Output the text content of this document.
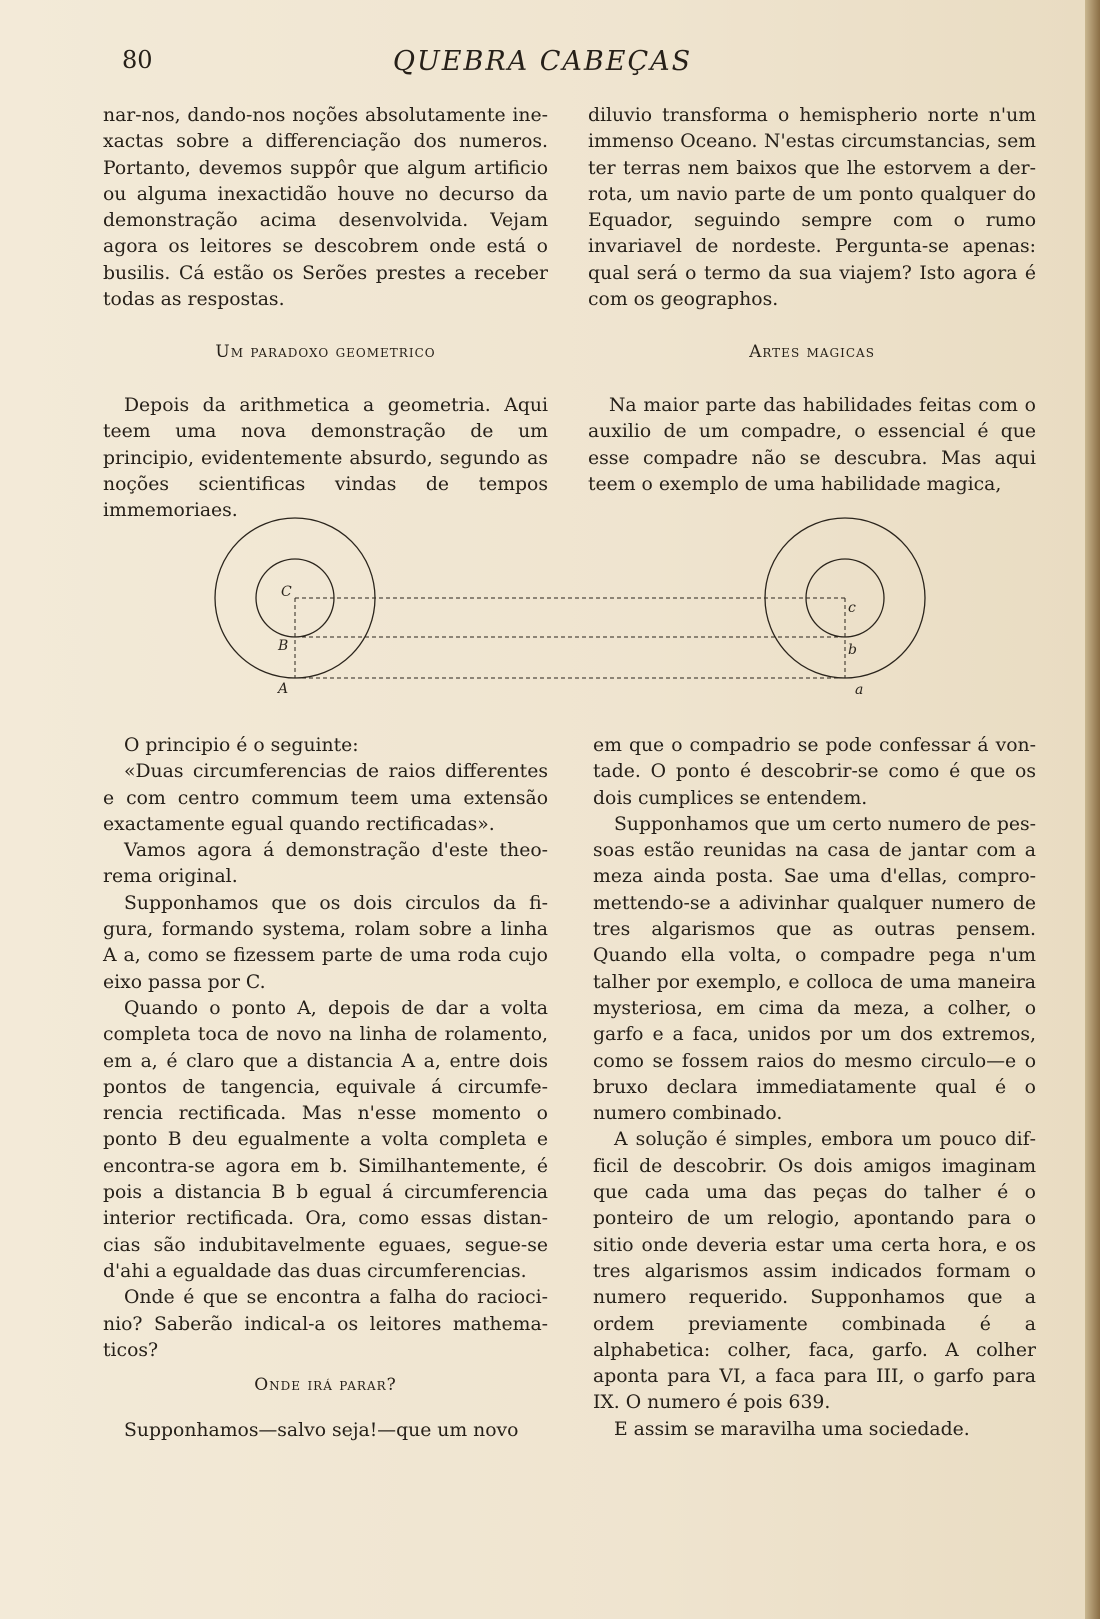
80	QUEBRA CABEÇAS

nar-nos, dando-nos noções absolutamente inexactas sobre a differenciação dos numeros. Portanto, devemos suppôr que algum artificio ou alguma inexactidão houve no decurso da demonstração acima desenvolvida. Vejam agora os leitores se descobrem onde está o busilis. Cá estão os Serões prestes a receber todas as respostas.

Um paradoxo geometrico

Depois da arithmetica a geometria. Aqui teem uma nova demonstração de um principio, evidentemente absurdo, segundo as noções scientificas vindas de tempos immemoriaes.

diluvio transforma o hemispherio norte n'um immenso Oceano. N'estas circumstancias, sem ter terras nem baixos que lhe estorvem a derrota, um navio parte de um ponto qualquer do Equador, seguindo sempre com o rumo invariavel de nordeste. Pergunta-se apenas: qual será o termo da sua viajem? Isto agora é com os geographos.

Artes magicas

Na maior parte das habilidades feitas com o auxilio de um compadre, o essencial é que esse compadre não se descubra. Mas aqui teem o exemplo de uma habilidade magica,

C
B
A
c
b
a

O principio é o seguinte:

«Duas circumferencias de raios differentes e com centro commum teem uma extensão exactamente egual quando rectificadas».

Vamos agora á demonstração d'este theorema original.

Supponhamos que os dois circulos da figura, formando systema, rolam sobre a linha A a, como se fizessem parte de uma roda cujo eixo passa por C.

Quando o ponto A, depois de dar a volta completa toca de novo na linha de rolamento, em a, é claro que a distancia A a, entre dois pontos de tangencia, equivale á circumferencia rectificada. Mas n'esse momento o ponto B deu egualmente a volta completa e encontra-se agora em b. Similhantemente, é pois a distancia B b egual á circumferencia interior rectificada. Ora, como essas distancias são indubitavelmente eguaes, segue-se d'ahi a egualdade das duas circumferencias.

Onde é que se encontra a falha do raciocinio? Saberão indical-a os leitores mathematicos?

Onde irá parar?

Supponhamos—salvo seja!—que um novo

em que o compadrio se pode confessar á vontade. O ponto é descobrir-se como é que os dois cumplices se entendem.

Supponhamos que um certo numero de pessoas estão reunidas na casa de jantar com a meza ainda posta. Sae uma d'ellas, compromettendo-se a adivinhar qualquer numero de tres algarismos que as outras pensem. Quando ella volta, o compadre pega n'um talher por exemplo, e colloca de uma maneira mysteriosa, em cima da meza, a colher, o garfo e a faca, unidos por um dos extremos, como se fossem raios do mesmo circulo—e o bruxo declara immediatamente qual é o numero combinado.

A solução é simples, embora um pouco difficil de descobrir. Os dois amigos imaginam que cada uma das peças do talher é o ponteiro de um relogio, apontando para o sitio onde deveria estar uma certa hora, e os tres algarismos assim indicados formam o numero requerido. Supponhamos que a ordem previamente combinada é a alphabetica: colher, faca, garfo. A colher aponta para VI, a faca para III, o garfo para IX. O numero é pois 639.

E assim se maravilha uma sociedade.
